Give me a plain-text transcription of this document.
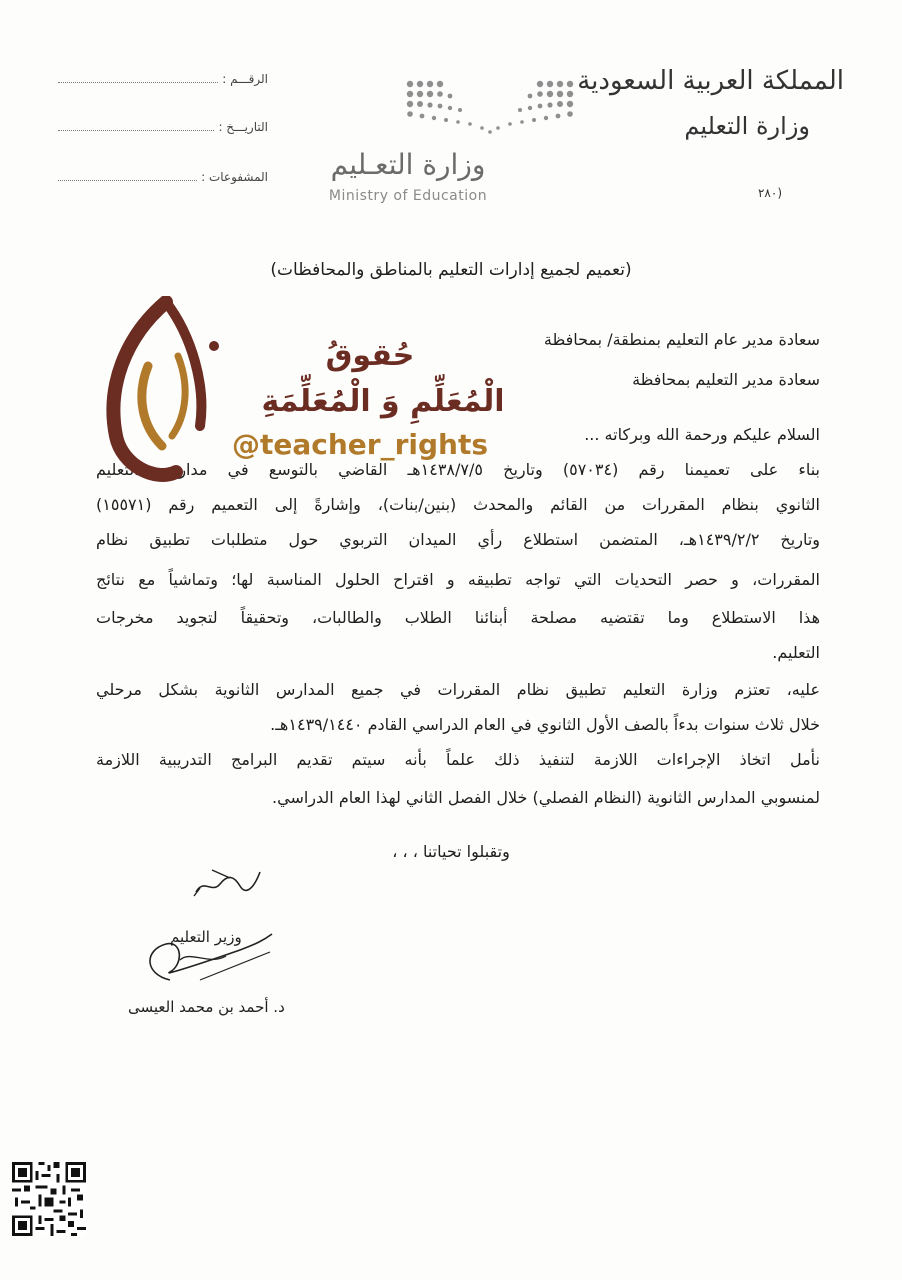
المملكة العربية السعودية
وزارة التعليم
٢٨٠)
الرقـــم :
التاريـــخ :
المشفوعات :	وزارة التعـليم
Ministry of Education
(تعميم لجميع إدارات التعليم بالمناطق والمحافظات)
سعادة مدير عام التعليم بمنطقة/ بمحافظة
سعادة مدير التعليم بمحافظة
السلام عليكم ورحمة الله وبركاته ...
بناء على تعميمنا رقم (٥٧٠٣٤) وتاريخ ١٤٣٨/٧/٥هـ القاضي بالتوسع في مدارس التعليم
الثانوي بنظام المقررات من القائم والمحدث (بنين/بنات)، وإشارةً إلى التعميم رقم (١٥٥٧١)
وتاريخ ١٤٣٩/٢/٢هـ، المتضمن استطلاع رأي الميدان التربوي حول متطلبات تطبيق نظام
المقررات، و حصر التحديات التي تواجه تطبيقه و اقتراح الحلول المناسبة لها؛ وتماشياً مع نتائج
هذا الاستطلاع وما تقتضيه مصلحة أبنائنا الطلاب والطالبات، وتحقيقاً لتجويد مخرجات
التعليم.
عليه، تعتزم وزارة التعليم تطبيق نظام المقررات في جميع المدارس الثانوية بشكل مرحلي
خلال ثلاث سنوات بدءاً بالصف الأول الثانوي في العام الدراسي القادم ١٤٣٩/١٤٤٠هـ.
نأمل اتخاذ الإجراءات اللازمة لتنفيذ ذلك علماً بأنه سيتم تقديم البرامج التدريبية اللازمة
لمنسوبي المدارس الثانوية (النظام الفصلي) خلال الفصل الثاني لهذا العام الدراسي.
وتقبلوا تحياتنا ، ، ،
وزير التعليم
د. أحمد بن محمد العيسى
حُقوقُ
الْمُعَلِّمِ وَ الْمُعَلِّمَةِ
@teacher_rights
